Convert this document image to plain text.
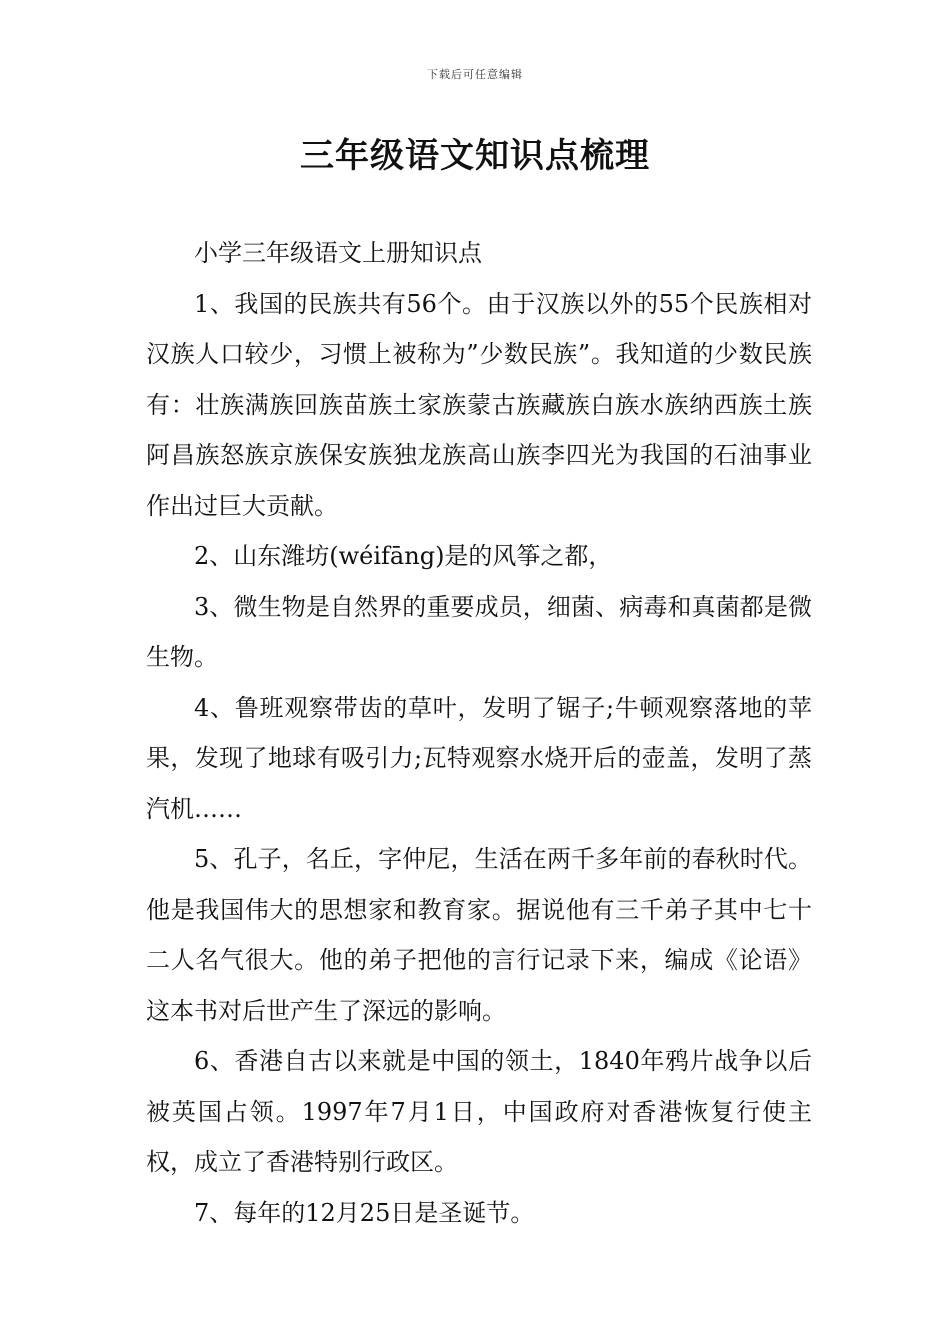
下载后可任意编辑
三年级语文知识点梳理

小学三年级语文上册知识点

1、我国的民族共有56个。由于汉族以外的55个民族相对汉族人口较少，习惯上被称为”少数民族”。我知道的少数民族有：壮族满族回族苗族土家族蒙古族藏族白族水族纳西族土族阿昌族怒族京族保安族独龙族高山族李四光为我国的石油事业作出过巨大贡献。

2、山东潍坊(wéifāng)是的风筝之都，

3、微生物是自然界的重要成员，细菌、病毒和真菌都是微生物。

4、鲁班观察带齿的草叶，发明了锯子;牛顿观察落地的苹果，发现了地球有吸引力;瓦特观察水烧开后的壶盖，发明了蒸汽机……

5、孔子，名丘，字仲尼，生活在两千多年前的春秋时代。他是我国伟大的思想家和教育家。据说他有三千弟子其中七十二人名气很大。他的弟子把他的言行记录下来，编成《论语》这本书对后世产生了深远的影响。

6、香港自古以来就是中国的领土，1840年鸦片战争以后被英国占领。1997年7月1日，中国政府对香港恢复行使主权，成立了香港特别行政区。

7、每年的12月25日是圣诞节。
